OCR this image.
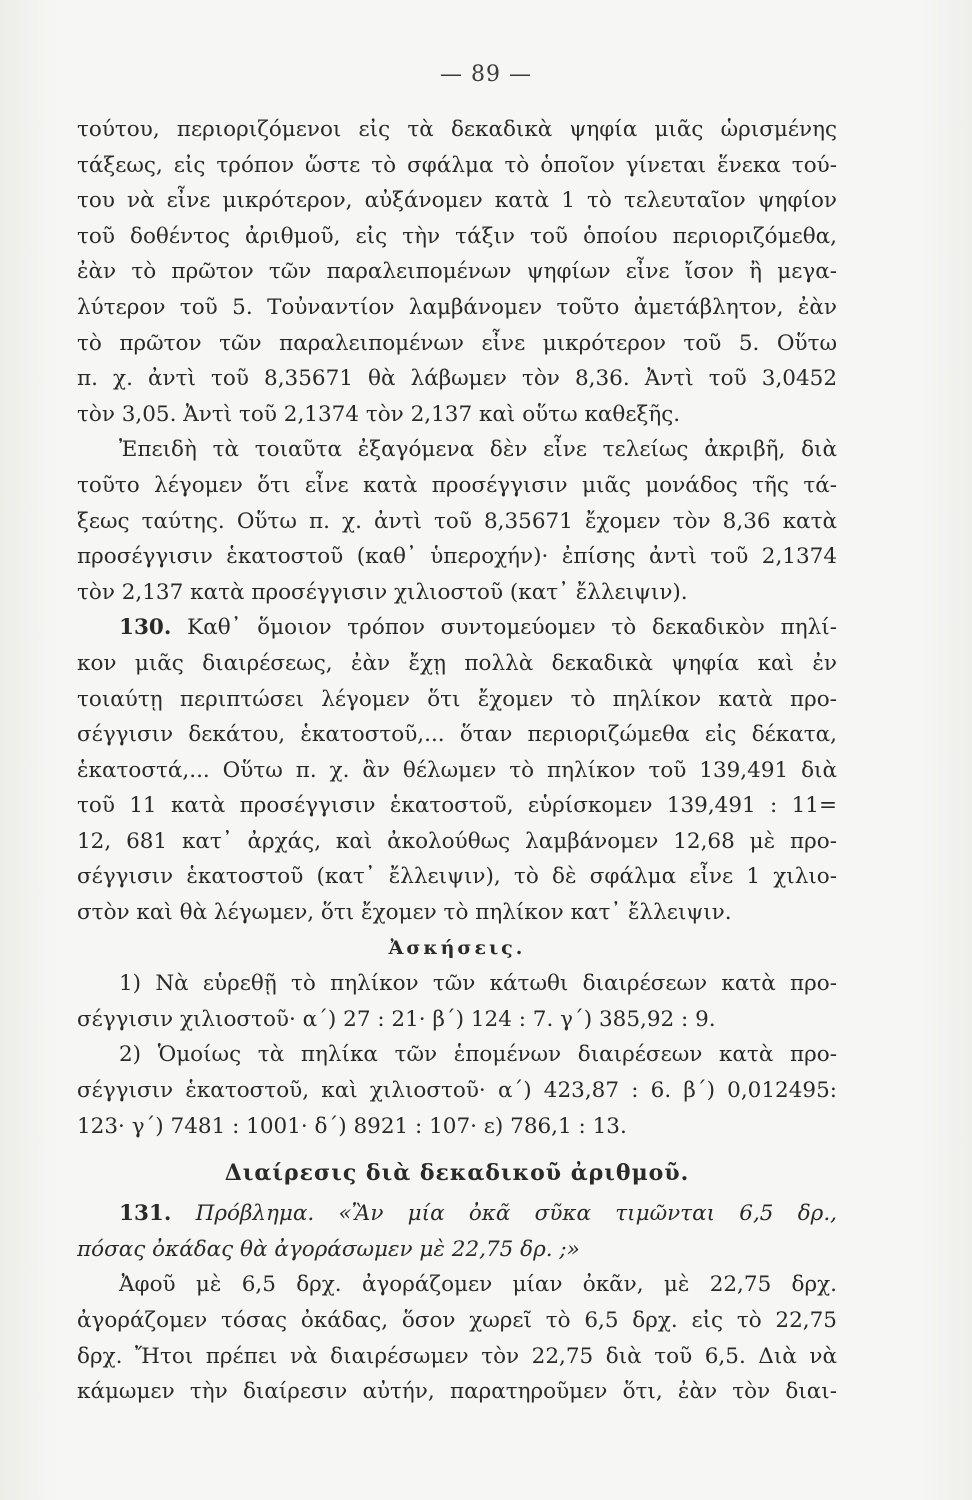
— 89 —
τούτου, περιοριζόμενοι εἰς τὰ δεκαδικὰ ψηφία μιᾶς ὡρισμένης
τάξεως, εἰς τρόπον ὥστε τὸ σφάλμα τὸ ὁποῖον γίνεται ἕνεκα τού-
του νὰ εἶνε μικρότερον, αὐξάνομεν κατὰ 1 τὸ τελευταῖον ψηφίον
τοῦ δοθέντος ἀριθμοῦ, εἰς τὴν τάξιν τοῦ ὁποίου περιοριζόμεθα,
ἐὰν τὸ πρῶτον τῶν παραλειπομένων ψηφίων εἶνε ἴσον ἢ μεγα-
λύτερον τοῦ 5. Τοὐναντίον λαμβάνομεν τοῦτο ἀμετάβλητον, ἐὰν
τὸ πρῶτον τῶν παραλειπομένων εἶνε μικρότερον τοῦ 5. Οὕτω
π. χ. ἀντὶ τοῦ 8,35671 θὰ λάβωμεν τὸν 8,36. Ἀντὶ τοῦ 3,0452
τὸν 3,05. Ἀντὶ τοῦ 2,1374 τὸν 2,137 καὶ οὕτω καθεξῆς.
Ἐπειδὴ τὰ τοιαῦτα ἐξαγόμενα δὲν εἶνε τελείως ἀκριβῆ, διὰ
τοῦτο λέγομεν ὅτι εἶνε κατὰ προσέγγισιν μιᾶς μονάδος τῆς τά-
ξεως ταύτης. Οὕτω π. χ. ἀντὶ τοῦ 8,35671 ἔχομεν τὸν 8,36 κατὰ
προσέγγισιν ἑκατοστοῦ (καθ᾽ ὑπεροχήν)· ἐπίσης ἀντὶ τοῦ 2,1374
τὸν 2,137 κατὰ προσέγγισιν χιλιοστοῦ (κατ᾽ ἔλλειψιν).
130. Καθ᾽ ὅμοιον τρόπον συντομεύομεν τὸ δεκαδικὸν πηλί-
κον μιᾶς διαιρέσεως, ἐὰν ἔχῃ πολλὰ δεκαδικὰ ψηφία καὶ ἐν
τοιαύτῃ περιπτώσει λέγομεν ὅτι ἔχομεν τὸ πηλίκον κατὰ προ-
σέγγισιν δεκάτου, ἑκατοστοῦ,... ὅταν περιοριζώμεθα εἰς δέκατα,
ἑκατοστά,... Οὕτω π. χ. ἂν θέλωμεν τὸ πηλίκον τοῦ 139,491 διὰ
τοῦ 11 κατὰ προσέγγισιν ἑκατοστοῦ, εὑρίσκομεν 139,491 : 11=
12, 681 κατ᾽ ἀρχάς, καὶ ἀκολούθως λαμβάνομεν 12,68 μὲ προ-
σέγγισιν ἑκατοστοῦ (κατ᾽ ἔλλειψιν), τὸ δὲ σφάλμα εἶνε 1 χιλιο-
στὸν καὶ θὰ λέγωμεν, ὅτι ἔχομεν τὸ πηλίκον κατ᾽ ἔλλειψιν.
Ἀσκήσεις.
1) Νὰ εὑρεθῇ τὸ πηλίκον τῶν κάτωθι διαιρέσεων κατὰ προ-
σέγγισιν χιλιοστοῦ· α΄) 27 : 21· β΄) 124 : 7. γ΄) 385,92 : 9.
2) Ὁμοίως τὰ πηλίκα τῶν ἑπομένων διαιρέσεων κατὰ προ-
σέγγισιν ἑκατοστοῦ, καὶ χιλιοστοῦ· α΄) 423,87 : 6. β΄) 0,012495:
123· γ΄) 7481 : 1001· δ΄) 8921 : 107· ε) 786,1 : 13.
Διαίρεσις διὰ δεκαδικοῦ ἀριθμοῦ.
131. Πρόβλημα. «Ἂν μία ὀκᾶ σῦκα τιμῶνται 6,5 δρ.,
πόσας ὀκάδας θὰ ἀγοράσωμεν μὲ 22,75 δρ. ;»
Ἀφοῦ μὲ 6,5 δρχ. ἀγοράζομεν μίαν ὀκᾶν, μὲ 22,75 δρχ.
ἀγοράζομεν τόσας ὀκάδας, ὅσον χωρεῖ τὸ 6,5 δρχ. εἰς τὸ 22,75
δρχ. Ἤτοι πρέπει νὰ διαιρέσωμεν τὸν 22,75 διὰ τοῦ 6,5. Διὰ νὰ
κάμωμεν τὴν διαίρεσιν αὐτήν, παρατηροῦμεν ὅτι, ἐὰν τὸν διαι-
